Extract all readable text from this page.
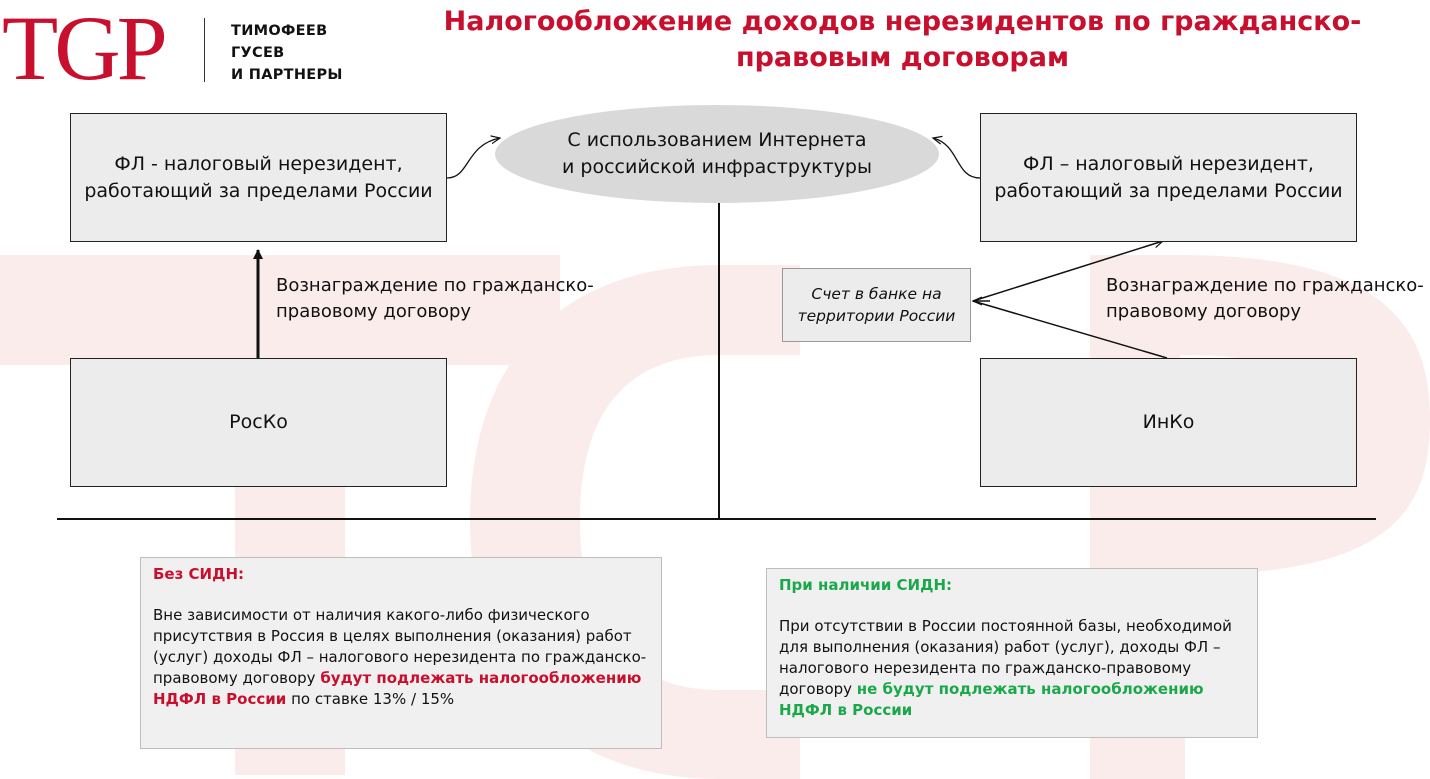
TGP	ТИМОФЕЕВ
ГУСЕВ
И ПАРТНЕРЫ
Налогообложение доходов нерезидентов по гражданско-
правовым договорам
ФЛ - налоговый нерезидент,
работающий за пределами России
Вознаграждение по гражданско-
правовому договору
РосКо
С использованием Интернета
и российской инфраструктуры	ФЛ – налоговый нерезидент,
работающий за пределами России
Счет в банке на
территории России
Вознаграждение по гражданско-
правовому договору
ИнКо
Без СИДН:
Вне зависимости от наличия какого-либо физического присутствия в Россия в целях выполнения (оказания) работ (услуг) доходы ФЛ – налогового нерезидента по гражданско-правовому договору будут подлежать налогообложению НДФЛ в России по ставке 13% / 15%
При наличии СИДН:
При отсутствии в России постоянной базы, необходимой для выполнения (оказания) работ (услуг), доходы ФЛ – налогового нерезидента по гражданско-правовому договору не будут подлежать налогообложению НДФЛ в России
